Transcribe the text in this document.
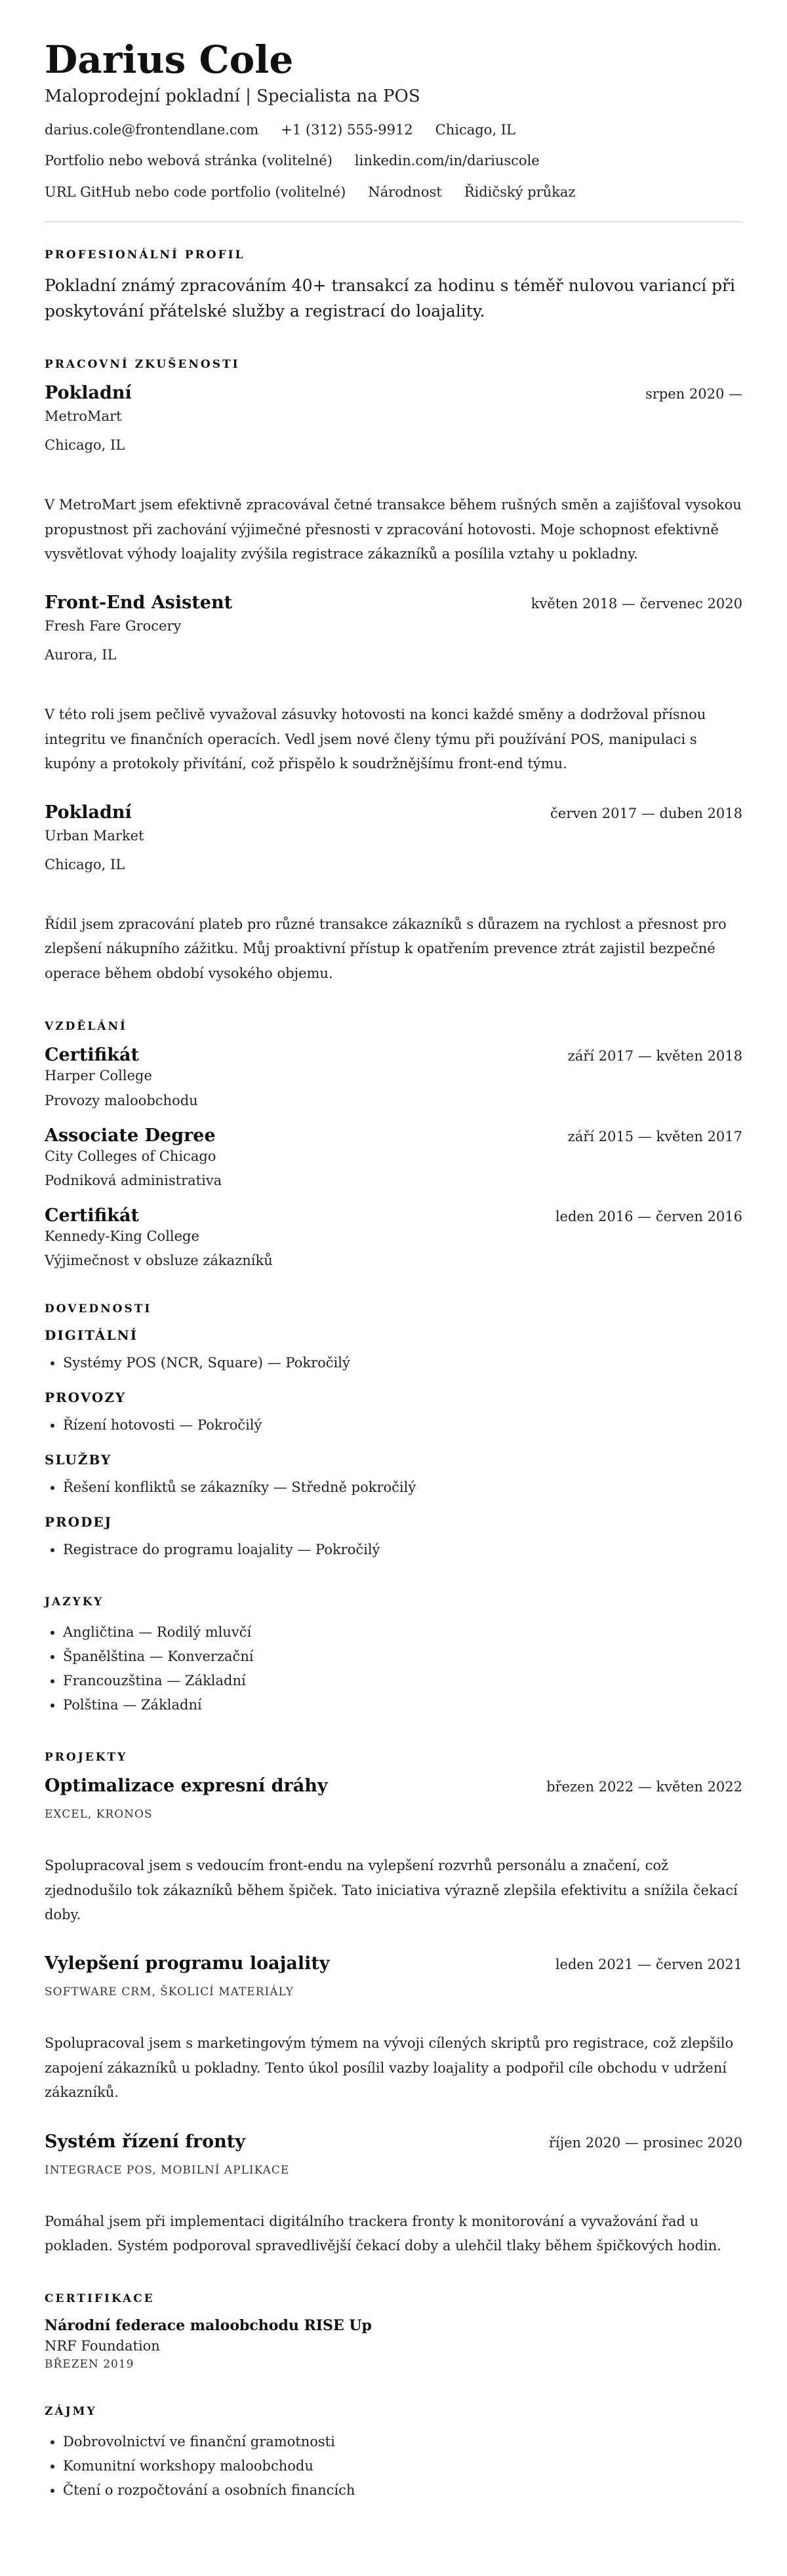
Darius Cole
Maloprodejní pokladní | Specialista na POS
darius.cole@frontendlane.com +1 (312) 555-9912 Chicago, IL
Portfolio nebo webová stránka (volitelné) linkedin.com/in/dariuscole
URL GitHub nebo code portfolio (volitelné) Národnost Řidičský průkaz
PROFESIONÁLNÍ PROFIL

Pokladní známý zpracováním 40+ transakcí za hodinu s téměř nulovou variancí při poskytování přátelské služby a registrací do loajality.

PRACOVNÍ ZKUŠENOSTI
Pokladní	srpen 2020 —
MetroMart
Chicago, IL
V MetroMart jsem efektivně zpracovával četné transakce během rušných směn a zajišťoval vysokou propustnost při zachování výjimečné přesnosti v zpracování hotovosti. Moje schopnost efektivně vysvětlovat výhody loajality zvýšila registrace zákazníků a posílila vztahy u pokladny.
Front-End Asistent	květen 2018 — červenec 2020
Fresh Fare Grocery
Aurora, IL
V této roli jsem pečlivě vyvažoval zásuvky hotovosti na konci každé směny a dodržoval přísnou integritu ve finančních operacích. Vedl jsem nové členy týmu při používání POS, manipulaci s kupóny a protokoly přivítání, což přispělo k soudržnějšímu front-end týmu.
Pokladní	červen 2017 — duben 2018
Urban Market
Chicago, IL
Řídil jsem zpracování plateb pro různé transakce zákazníků s důrazem na rychlost a přesnost pro zlepšení nákupního zážitku. Můj proaktivní přístup k opatřením prevence ztrát zajistil bezpečné operace během období vysokého objemu.
VZDĚLÁNÍ
Certifikát	září 2017 — květen 2018
Harper College
Provozy maloobchodu
Associate Degree	září 2015 — květen 2017
City Colleges of Chicago
Podniková administrativa
Certifikát	leden 2016 — červen 2016
Kennedy-King College
Výjimečnost v obsluze zákazníků
DOVEDNOSTI
DIGITÁLNÍ
• Systémy POS (NCR, Square) — Pokročilý
PROVOZY
• Řízení hotovosti — Pokročilý
SLUŽBY
• Řešení konfliktů se zákazníky — Středně pokročilý
PRODEJ
• Registrace do programu loajality — Pokročilý
JAZYKY
• Angličtina — Rodilý mluvčí
• Španělština — Konverzační
• Francouzština — Základní
• Polština — Základní
PROJEKTY
Optimalizace expresní dráhy	březen 2022 — květen 2022
EXCEL, KRONOS
Spolupracoval jsem s vedoucím front-endu na vylepšení rozvrhů personálu a značení, což zjednodušilo tok zákazníků během špiček. Tato iniciativa výrazně zlepšila efektivitu a snížila čekací doby.
Vylepšení programu loajality	leden 2021 — červen 2021
SOFTWARE CRM, ŠKOLICÍ MATERIÁLY
Spolupracoval jsem s marketingovým týmem na vývoji cílených skriptů pro registrace, což zlepšilo zapojení zákazníků u pokladny. Tento úkol posílil vazby loajality a podpořil cíle obchodu v udržení zákazníků.
Systém řízení fronty	říjen 2020 — prosinec 2020
INTEGRACE POS, MOBILNÍ APLIKACE
Pomáhal jsem při implementaci digitálního trackera fronty k monitorování a vyvažování řad u pokladen. Systém podporoval spravedlivější čekací doby a ulehčil tlaky během špičkových hodin.
CERTIFIKACE
Národní federace maloobchodu RISE Up
NRF Foundation
BŘEZEN 2019
ZÁJMY
• Dobrovolnictví ve finanční gramotnosti
• Komunitní workshopy maloobchodu
• Čtení o rozpočtování a osobních financích
